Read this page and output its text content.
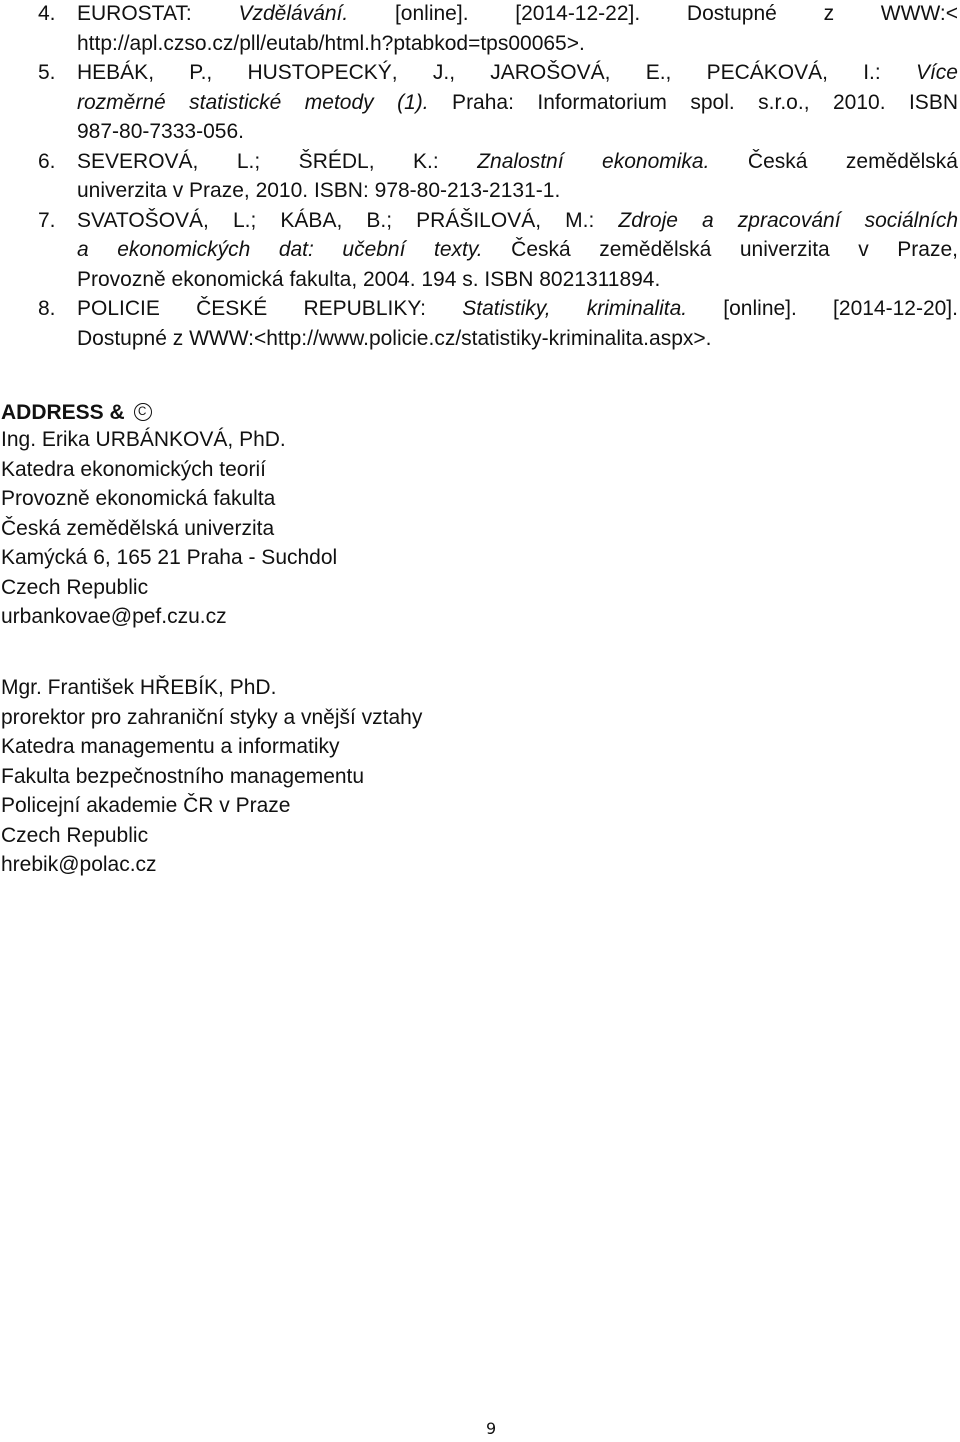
4. EUROSTAT: Vzdělávání. [online]. [2014-12-22]. Dostupné z WWW:<
http://apl.czso.cz/pll/eutab/html.h?ptabkod=tps00065>.
5. HEBÁK, P., HUSTOPECKÝ, J., JAROŠOVÁ, E., PECÁKOVÁ, I.: Více
rozměrné statistické metody (1). Praha: Informatorium spol. s.r.o., 2010. ISBN
987-80-7333-056.
6. SEVEROVÁ, L.; ŠRÉDL, K.: Znalostní ekonomika. Česká zemědělská
univerzita v Praze, 2010. ISBN: 978-80-213-2131-1.
7. SVATOŠOVÁ, L.; KÁBA, B.; PRÁŠILOVÁ, M.: Zdroje a zpracování sociálních
a ekonomických dat: učební texty. Česká zemědělská univerzita v Praze,
Provozně ekonomická fakulta, 2004. 194 s. ISBN 8021311894.
8. POLICIE ČESKÉ REPUBLIKY: Statistiky, kriminalita. [online]. [2014-12-20].
Dostupné z WWW:<http://www.policie.cz/statistiky-kriminalita.aspx>.
ADDRESS & C
Ing. Erika URBÁNKOVÁ, PhD.
Katedra ekonomických teorií
Provozně ekonomická fakulta
Česká zemědělská univerzita
Kamýcká 6, 165 21 Praha - Suchdol
Czech Republic
urbankovae@pef.czu.cz
Mgr. František HŘEBÍK, PhD.
prorektor pro zahraniční styky a vnější vztahy
Katedra managementu a informatiky
Fakulta bezpečnostního managementu
Policejní akademie ČR v Praze
Czech Republic
hrebik@polac.cz
9
